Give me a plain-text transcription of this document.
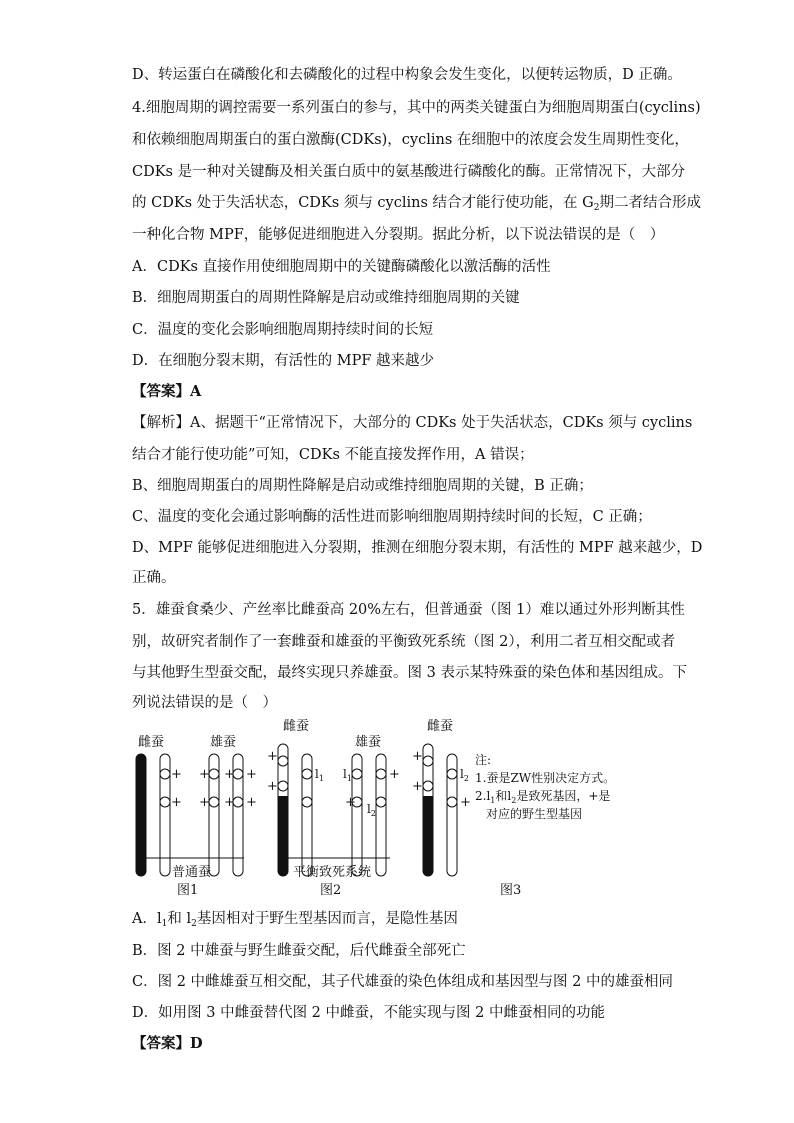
D、转运蛋白在磷酸化和去磷酸化的过程中构象会发生变化，以便转运物质，D 正确。
4.细胞周期的调控需要一系列蛋白的参与，其中的两类关键蛋白为细胞周期蛋白(cyclins)
和依赖细胞周期蛋白的蛋白激酶(CDKs)，cyclins 在细胞中的浓度会发生周期性变化，
CDKs 是一种对关键酶及相关蛋白质中的氨基酸进行磷酸化的酶。正常情况下，大部分
的 CDKs 处于失活状态，CDKs 须与 cyclins 结合才能行使功能，在 $G_2$期二者结合形成
一种化合物 MPF，能够促进细胞进入分裂期。据此分析，以下说法错误的是（　）
A．CDKs 直接作用使细胞周期中的关键酶磷酸化以激活酶的活性
B．细胞周期蛋白的周期性降解是启动或维持细胞周期的关键
C．温度的变化会影响细胞周期持续时间的长短
D．在细胞分裂末期，有活性的 MPF 越来越少
【答案】A
【解析】A、据题干“正常情况下，大部分的 CDKs 处于失活状态，CDKs 须与 cyclins
结合才能行使功能”可知，CDKs 不能直接发挥作用，A 错误；
B、细胞周期蛋白的周期性降解是启动或维持细胞周期的关键，B 正确；
C、温度的变化会通过影响酶的活性进而影响细胞周期持续时间的长短，C 正确；
D、MPF 能够促进细胞进入分裂期，推测在细胞分裂末期，有活性的 MPF 越来越少，D
正确。
5．雄蚕食桑少、产丝率比雌蚕高 20%左右，但普通蚕（图 1）难以通过外形判断其性
别，故研究者制作了一套雌蚕和雄蚕的平衡致死系统（图 2），利用二者互相交配或者
与其他野生型蚕交配，最终实现只养雄蚕。图 3 表示某特殊蚕的染色体和基因组成。下
列说法错误的是（　）
雌蚕	雄蚕
+
+
+
+
+ +
+ +
普通蚕
图1
雌蚕
+
+
$l_1$
雄蚕
$l_1$
+
+
$l_2$
平衡致死系统
图2
雌蚕
+
+
$l_2$
+
图3
注:
1.蚕是ZW性别决定方式。
$2.l_1$和$l_2$是致死基因，+是
对应的野生型基因
A．$l_1$和 $l_2$基因相对于野生型基因而言，是隐性基因
B．图 2 中雄蚕与野生雌蚕交配，后代雌蚕全部死亡
C．图 2 中雌雄蚕互相交配，其子代雄蚕的染色体组成和基因型与图 2 中的雄蚕相同
D．如用图 3 中雌蚕替代图 2 中雌蚕，不能实现与图 2 中雌蚕相同的功能
【答案】D
